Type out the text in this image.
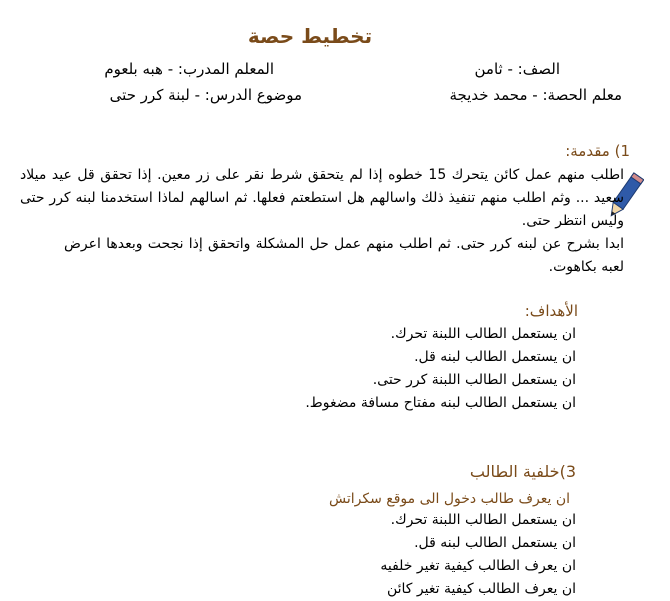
تخطيط حصة
الصف: - ثامن
المعلم المدرب: - هبه بلعوم
معلم الحصة: - محمد خديجة
موضوع الدرس: - لبنة كرر حتى
1) مقدمة:

اطلب منهم عمل كائن يتحرك 15 خطوه إذا لم يتحقق شرط نقر على زر معين. إذا تحقق قل عيد ميلاد سعيد ... وثم اطلب منهم تنفيذ ذلك واسالهم هل استطعتم فعلها. ثم اسالهم لماذا استخدمنا لبنه كرر حتى وليس انتظر حتى.

ابدا بشرح عن لبنه كرر حتى. ثم اطلب منهم عمل حل المشكلة واتحقق إذا نجحت وبعدها اعرض لعبه بكاهوت.

الأهداف:
ان يستعمل الطالب اللبنة تحرك.
ان يستعمل الطالب لبنه قل.
ان يستعمل الطالب اللبنة كرر حتى.
ان يستعمل الطالب لبنه مفتاح مسافة مضغوط.
3)خلفية الطالب
ان يعرف طالب دخول الى موقع سكراتش
ان يستعمل الطالب اللبنة تحرك.
ان يستعمل الطالب لبنه قل.
ان يعرف الطالب كيفية تغير خلفيه
ان يعرف الطالب كيفية تغير كائن
